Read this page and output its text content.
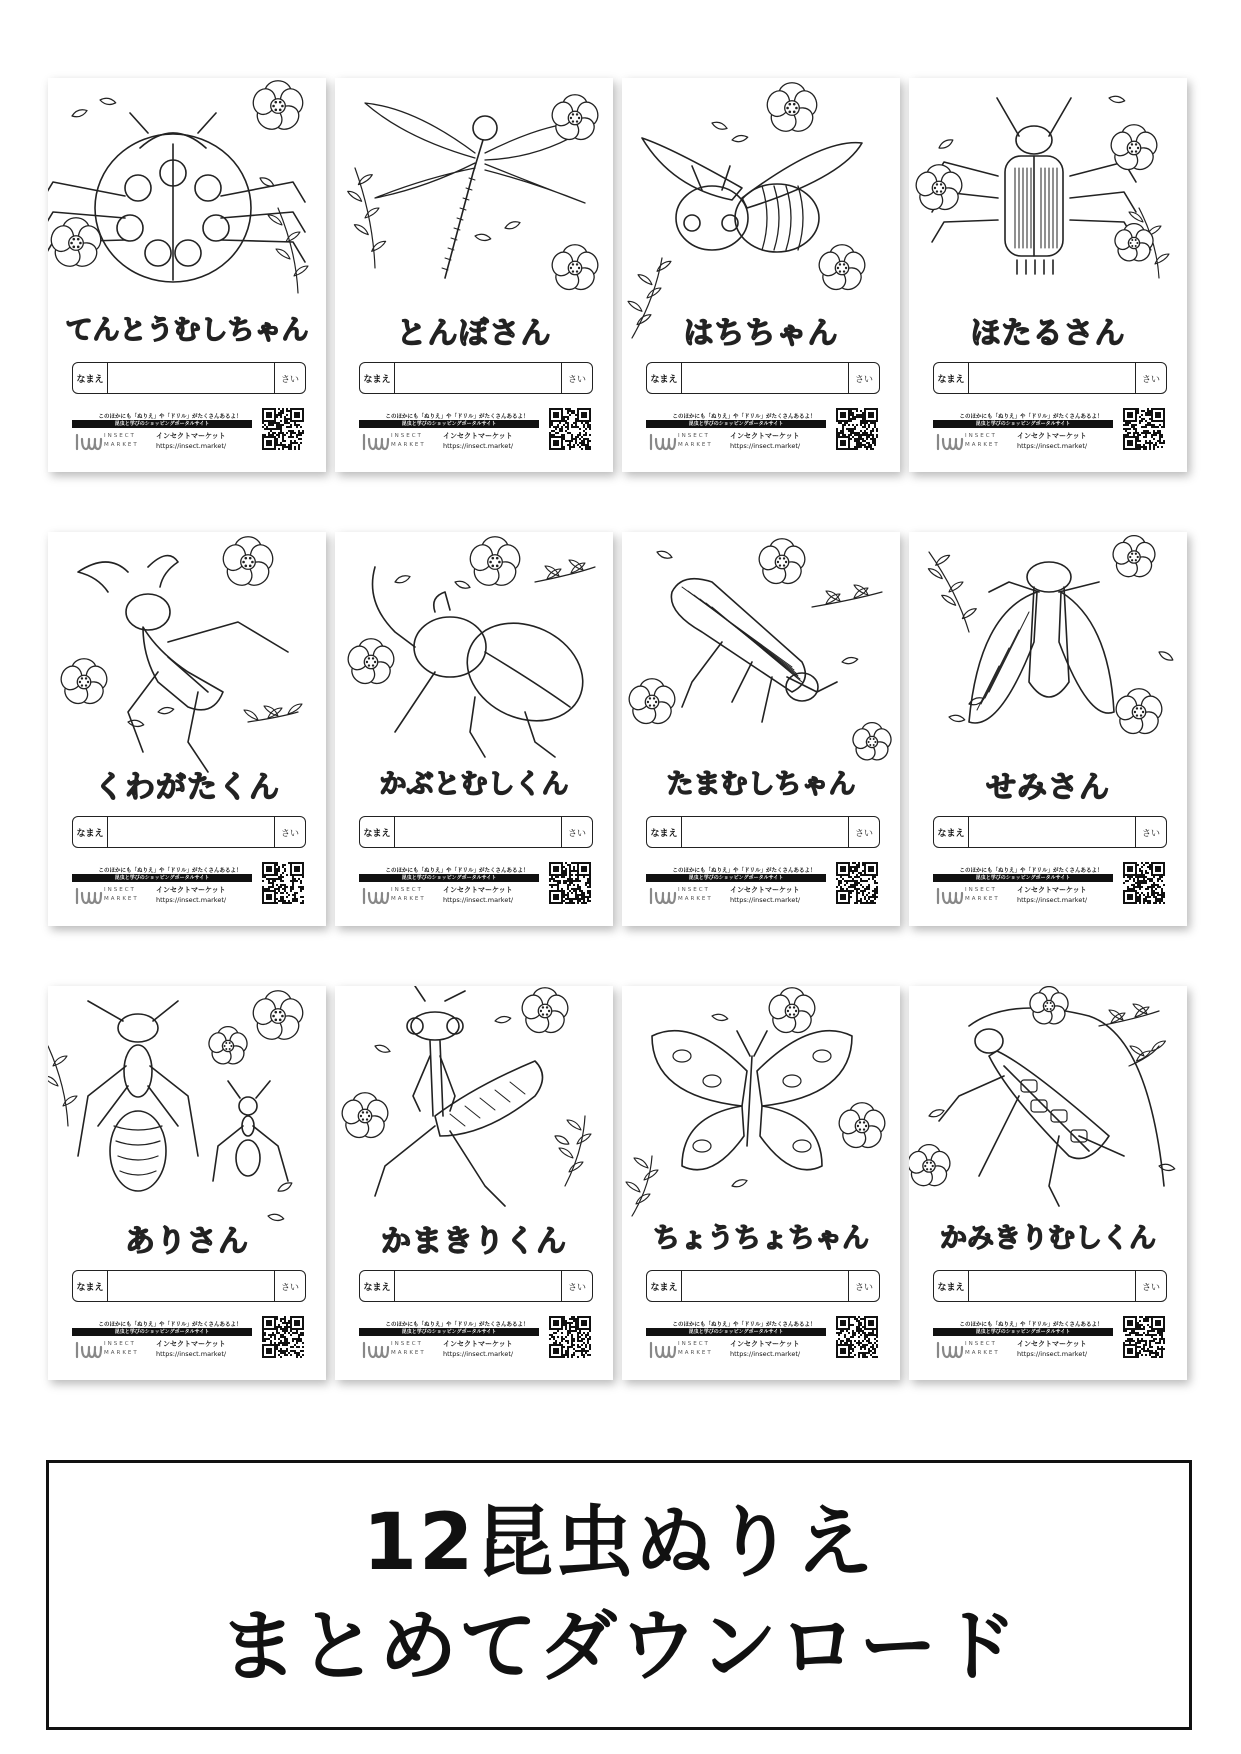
てんとうむしちゃん
なまえ	さい
このほかにも「ぬりえ」や「ドリル」がたくさんあるよ！
昆虫と学びのショッピングポータルサイト
INSECT
MARKET
インセクトマーケット
https://insect.market/
とんぼさん
なまえ	さい
このほかにも「ぬりえ」や「ドリル」がたくさんあるよ！
昆虫と学びのショッピングポータルサイト
INSECT
MARKET
インセクトマーケット
https://insect.market/
はちちゃん
なまえ	さい
このほかにも「ぬりえ」や「ドリル」がたくさんあるよ！
昆虫と学びのショッピングポータルサイト
INSECT
MARKET
インセクトマーケット
https://insect.market/
ほたるさん
なまえ	さい
このほかにも「ぬりえ」や「ドリル」がたくさんあるよ！
昆虫と学びのショッピングポータルサイト
INSECT
MARKET
インセクトマーケット
https://insect.market/
くわがたくん
なまえ	さい
このほかにも「ぬりえ」や「ドリル」がたくさんあるよ！
昆虫と学びのショッピングポータルサイト
INSECT
MARKET
インセクトマーケット
https://insect.market/
かぶとむしくん
なまえ	さい
このほかにも「ぬりえ」や「ドリル」がたくさんあるよ！
昆虫と学びのショッピングポータルサイト
INSECT
MARKET
インセクトマーケット
https://insect.market/
たまむしちゃん
なまえ	さい
このほかにも「ぬりえ」や「ドリル」がたくさんあるよ！
昆虫と学びのショッピングポータルサイト
INSECT
MARKET
インセクトマーケット
https://insect.market/
せみさん
なまえ	さい
このほかにも「ぬりえ」や「ドリル」がたくさんあるよ！
昆虫と学びのショッピングポータルサイト
INSECT
MARKET
インセクトマーケット
https://insect.market/
ありさん
なまえ	さい
このほかにも「ぬりえ」や「ドリル」がたくさんあるよ！
昆虫と学びのショッピングポータルサイト
INSECT
MARKET
インセクトマーケット
https://insect.market/
かまきりくん
なまえ	さい
このほかにも「ぬりえ」や「ドリル」がたくさんあるよ！
昆虫と学びのショッピングポータルサイト
INSECT
MARKET
インセクトマーケット
https://insect.market/
ちょうちょちゃん
なまえ	さい
このほかにも「ぬりえ」や「ドリル」がたくさんあるよ！
昆虫と学びのショッピングポータルサイト
INSECT
MARKET
インセクトマーケット
https://insect.market/
かみきりむしくん
なまえ	さい
このほかにも「ぬりえ」や「ドリル」がたくさんあるよ！
昆虫と学びのショッピングポータルサイト
INSECT
MARKET
インセクトマーケット
https://insect.market/
12昆虫ぬりえ
まとめてダウンロード
